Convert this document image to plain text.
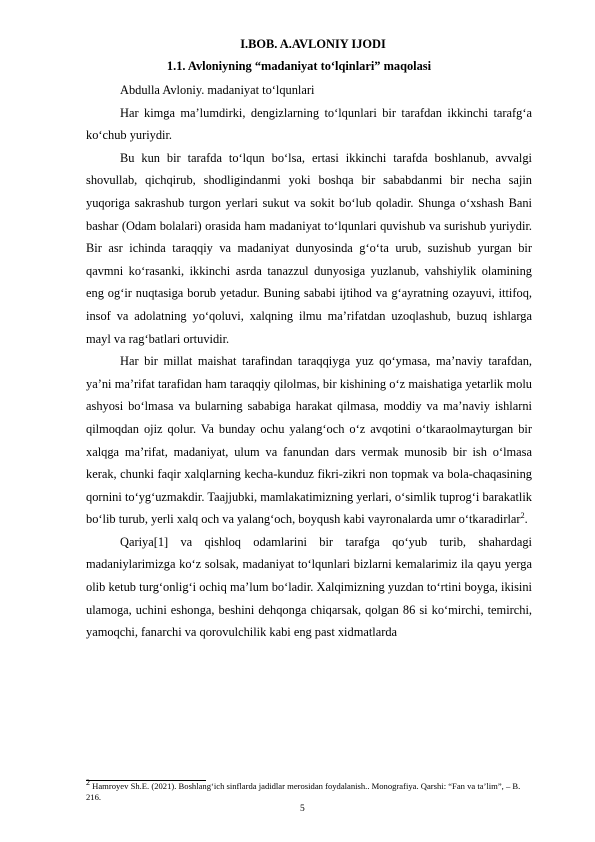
I.BOB. A.AVLONIY IJODI
1.1. Avloniyning “madaniyat to‘lqinlari” maqolasi

Abdulla Avloniy. madaniyat to‘lqunlari

Har kimga ma’lumdirki, dengizlarning to‘lqunlari bir tarafdan ikkinchi tarafg‘a ko‘chub yuriydir.

Bu kun bir tarafda to‘lqun bo‘lsa, ertasi ikkinchi tarafda boshlanub, avvalgi shovullab, qichqirub, shodligindanmi yoki boshqa bir sababdanmi bir necha sajin yuqoriga sakrashub turgon yerlari sukut va sokit bo‘lub qoladir. Shunga o‘xshash Bani bashar (Odam bolalari) orasida ham madaniyat to‘lqunlari quvishub va surishub yuriydir. Bir asr ichinda taraqqiy va madaniyat dunyosinda g‘o‘ta urub, suzishub yurgan bir qavmni ko‘rasanki, ikkinchi asrda tanazzul dunyosiga yuzlanub, vahshiylik olamining eng og‘ir nuqtasiga borub yetadur. Buning sababi ijtihod va g‘ayratning ozayuvi, ittifoq, insof va adolatning yo‘qoluvi, xalqning ilmu ma’rifatdan uzoqlashub, buzuq ishlarga mayl va rag‘batlari ortuvidir.

Har bir millat maishat tarafindan taraqqiyga yuz qo‘ymasa, ma’naviy tarafdan, ya’ni ma’rifat tarafidan ham taraqqiy qilolmas, bir kishining o‘z maishatiga yetarlik molu ashyosi bo‘lmasa va bularning sababiga harakat qilmasa, moddiy va ma’naviy ishlarni qilmoqdan ojiz qolur. Va bunday ochu yalang‘och o‘z avqotini o‘tkaraolmayturgan bir xalqga ma’rifat, madaniyat, ulum va fanundan dars vermak munosib bir ish o‘lmasa kerak, chunki faqir xalqlarning kecha-kunduz fikri-zikri non topmak va bola-chaqasining qornini to‘yg‘uzmakdir. Taajjubki, mamlakatimizning yerlari, o‘simlik tuprog‘i barakatlik bo‘lib turub, yerli xalq och va yalang‘och, boyqush kabi vayronalarda umr o‘tkaradirlar$^2$.

Qariya[1] va qishloq odamlarini bir tarafga qo‘yub turib, shahardagi madaniylarimizga ko‘z solsak, madaniyat to‘lqunlari bizlarni kemalarimiz ila qayu yerga olib ketub turg‘onlig‘i ochiq ma’lum bo‘ladir. Xalqimizning yuzdan to‘rtini boyga, ikisini ulamoga, uchini eshonga, beshini dehqonga chiqarsak, qolgan 86 si ko‘mirchi, temirchi, yamoqchi, fanarchi va qorovulchilik kabi eng past xidmatlarda

$^2$ Hamroyev Sh.E. (2021). Boshlang‘ich sinflarda jadidlar merosidan foydalanish.. Monografiya. Qarshi: “Fan va ta’lim”, – B. 216.
5
